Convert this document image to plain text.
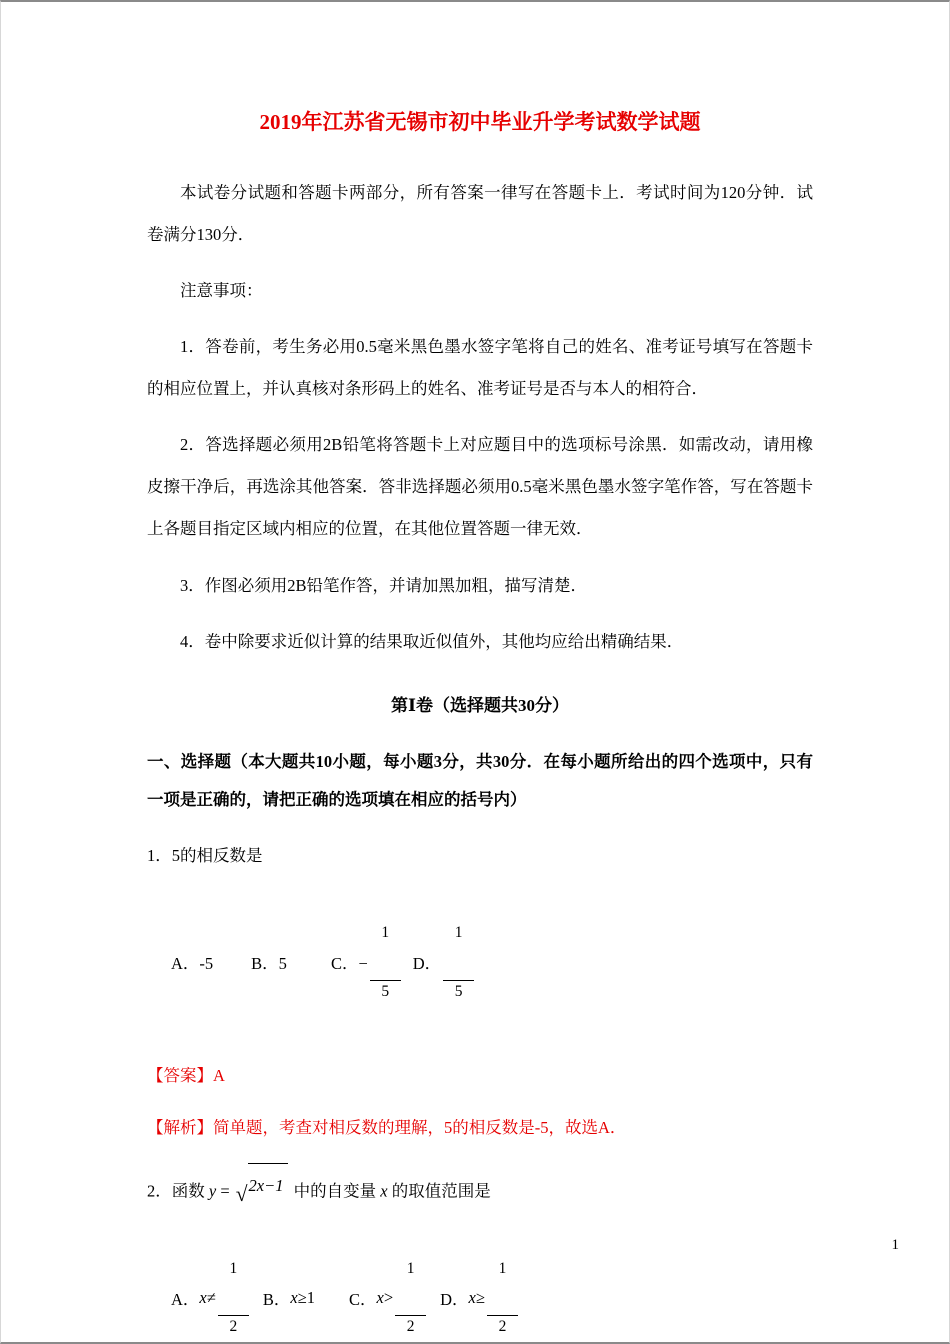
2019年江苏省无锡市初中毕业升学考试数学试题

本试卷分试题和答题卡两部分，所有答案一律写在答题卡上．考试时间为120分钟．试卷满分130分．

注意事项：

1．答卷前，考生务必用0.5毫米黑色墨水签字笔将自己的姓名、准考证号填写在答题卡的相应位置上，并认真核对条形码上的姓名、准考证号是否与本人的相符合．

2．答选择题必须用2B铅笔将答题卡上对应题目中的选项标号涂黑．如需改动，请用橡皮擦干净后，再选涂其他答案．答非选择题必须用0.5毫米黑色墨水签字笔作答，写在答题卡上各题目指定区域内相应的位置，在其他位置答题一律无效．

3．作图必须用2B铅笔作答，并请加黑加粗，描写清楚．

4．卷中除要求近似计算的结果取近似值外，其他均应给出精确结果．

第Ⅰ卷（选择题共30分）

一、选择题（本大题共10小题，每小题3分，共30分．在每小题所给出的四个选项中，只有一项是正确的，请把正确的选项填在相应的括号内）

1．5的相反数是

A．-5 B．5	C．−

$\frac{1}{5}$

D．

$\frac{1}{5}$

【答案】A

【解析】简单题，考查对相反数的理解，5的相反数是-5，故选A．

2．函数 y = √ 2x−1 中的自变量 x 的取值范围是

A． x ≠

$\frac{1}{2}$

B． x ≥ 1 C． x >

$\frac{1}{2}$

D． x ≥

$\frac{1}{2}$

	1
